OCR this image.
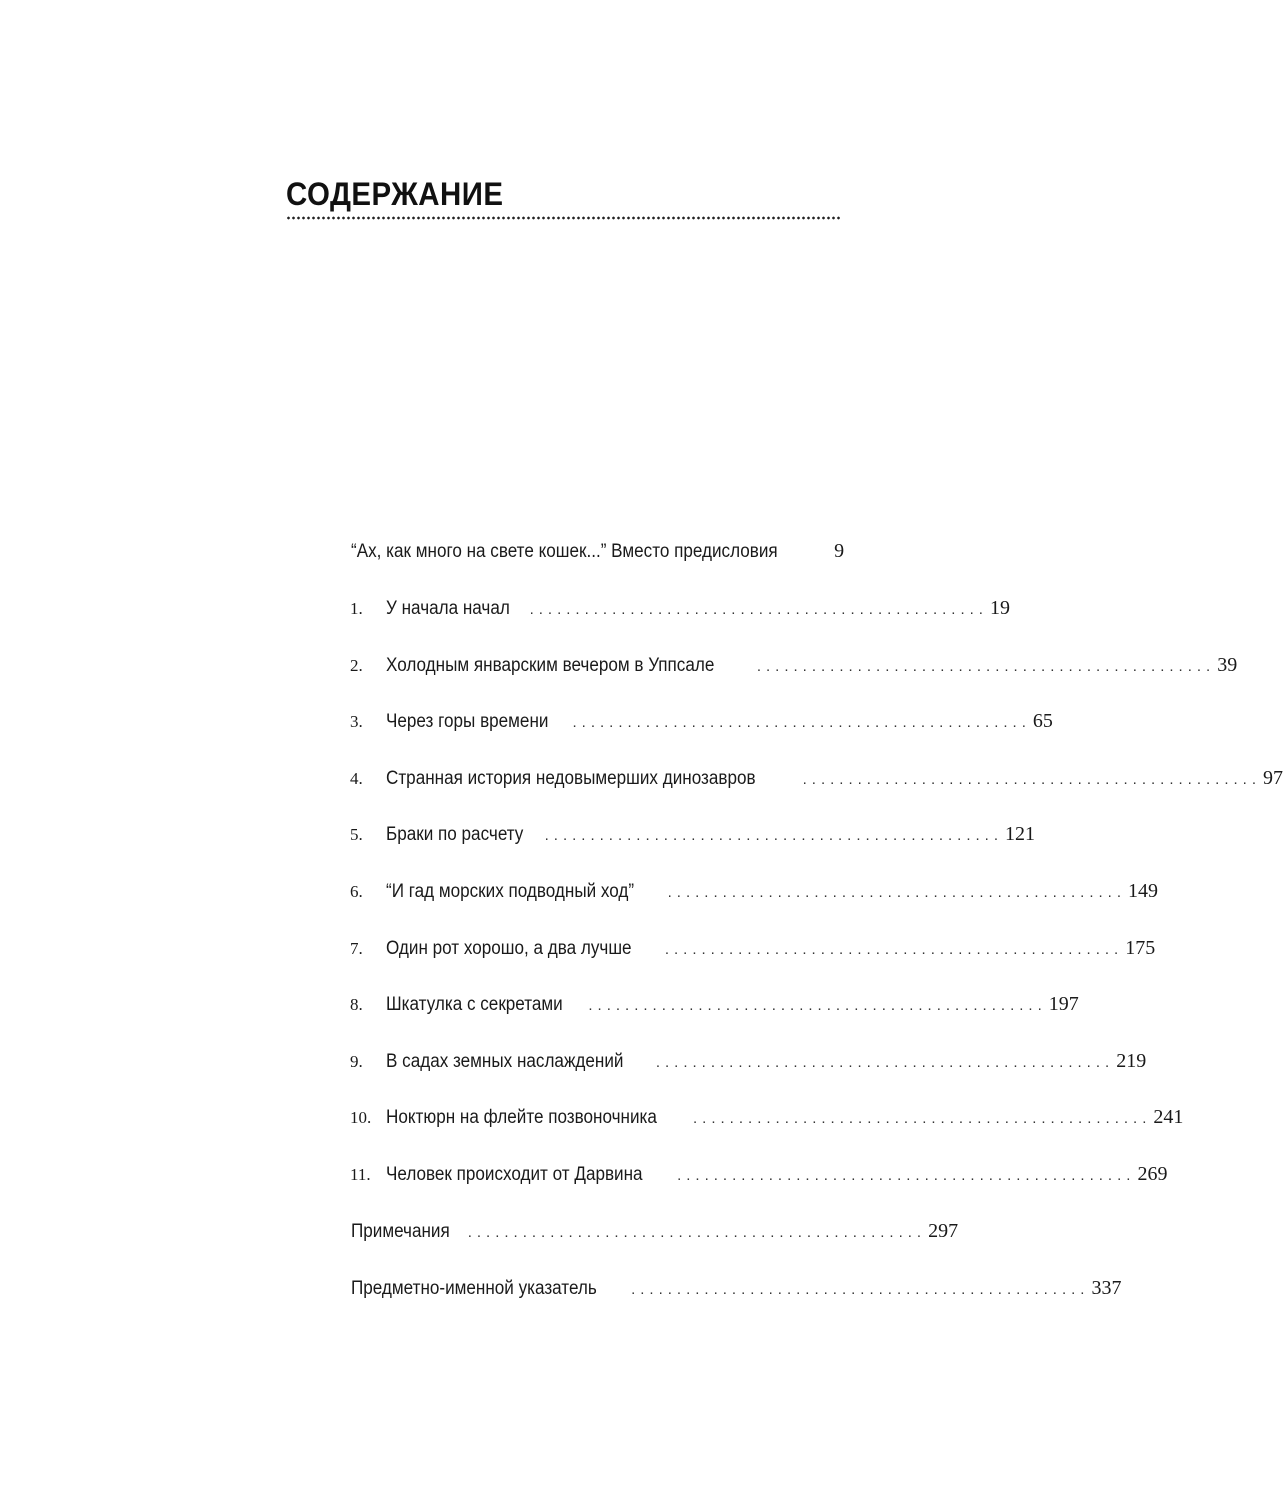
СОДЕРЖАНИЕ
“Ах, как много на свете кошек...” Вместо предисловия	9
1.	У начала начал .................................................. 19
2.	Холодным январским вечером в Уппсале	.................................................. 39
3.	Через горы времени .................................................. 65
4.	Странная история недовымерших динозавров	.................................................. 97
5.	Браки по расчету .................................................. 121
6.	“И гад морских подводный ход” .................................................. 149
7.	Один рот хорошо, а два лучше .................................................. 175
8.	Шкатулка с секретами .................................................. 197
9.	В садах земных наслаждений .................................................. 219
10. Ноктюрн на флейте позвоночника .................................................. 241
11. Человек происходит от Дарвина .................................................. 269
Примечания .................................................. 297
Предметно-именной указатель .................................................. 337
